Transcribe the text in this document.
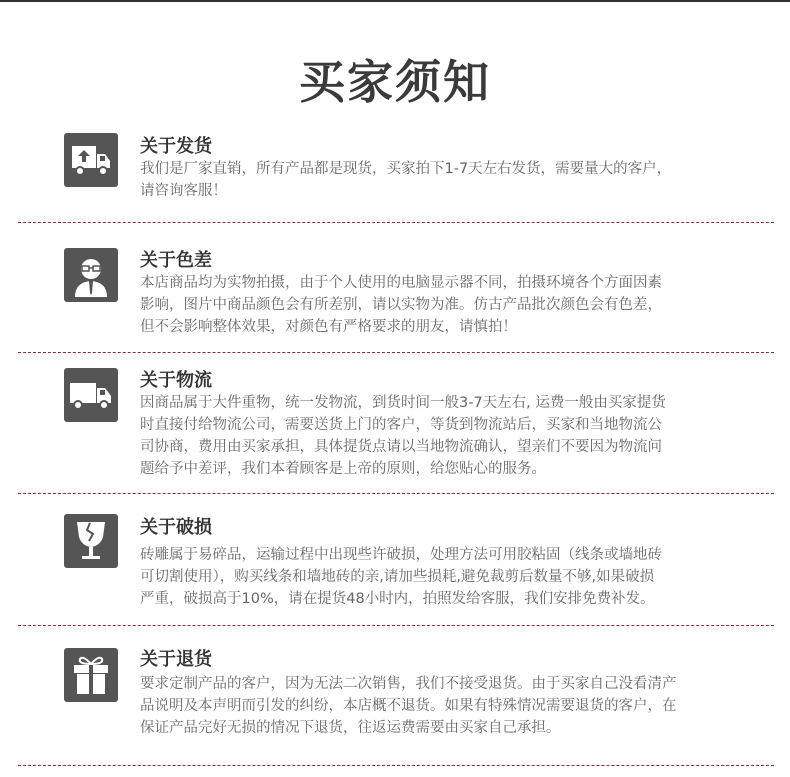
买家须知
关于发货
我们是厂家直销，所有产品都是现货，买家拍下1-7天左右发货，需要量大的客户，
请咨询客服！
关于色差
本店商品均为实物拍摄，由于个人使用的电脑显示器不同，拍摄环境各个方面因素
影响，图片中商品颜色会有所差别，请以实物为准。仿古产品批次颜色会有色差，
但不会影响整体效果，对颜色有严格要求的朋友，请慎拍！
关于物流
因商品属于大件重物，统一发物流，到货时间一般3-7天左右, 运费一般由买家提货
时直接付给物流公司，需要送货上门的客户，等货到物流站后，买家和当地物流公
司协商，费用由买家承担，具体提货点请以当地物流确认，望亲们不要因为物流问
题给予中差评，我们本着顾客是上帝的原则，给您贴心的服务。
关于破损
砖雕属于易碎品，运输过程中出现些许破损，处理方法可用胶粘固（线条或墙地砖
可切割使用），购买线条和墙地砖的亲,请加些损耗,避免裁剪后数量不够,如果破损
严重，破损高于10%，请在提货48小时内，拍照发给客服，我们安排免费补发。
关于退货
要求定制产品的客户，因为无法二次销售，我们不接受退货。由于买家自己没看清产
品说明及本声明而引发的纠纷，本店概不退货。如果有特殊情况需要退货的客户，在
保证产品完好无损的情况下退货，往返运费需要由买家自己承担。
